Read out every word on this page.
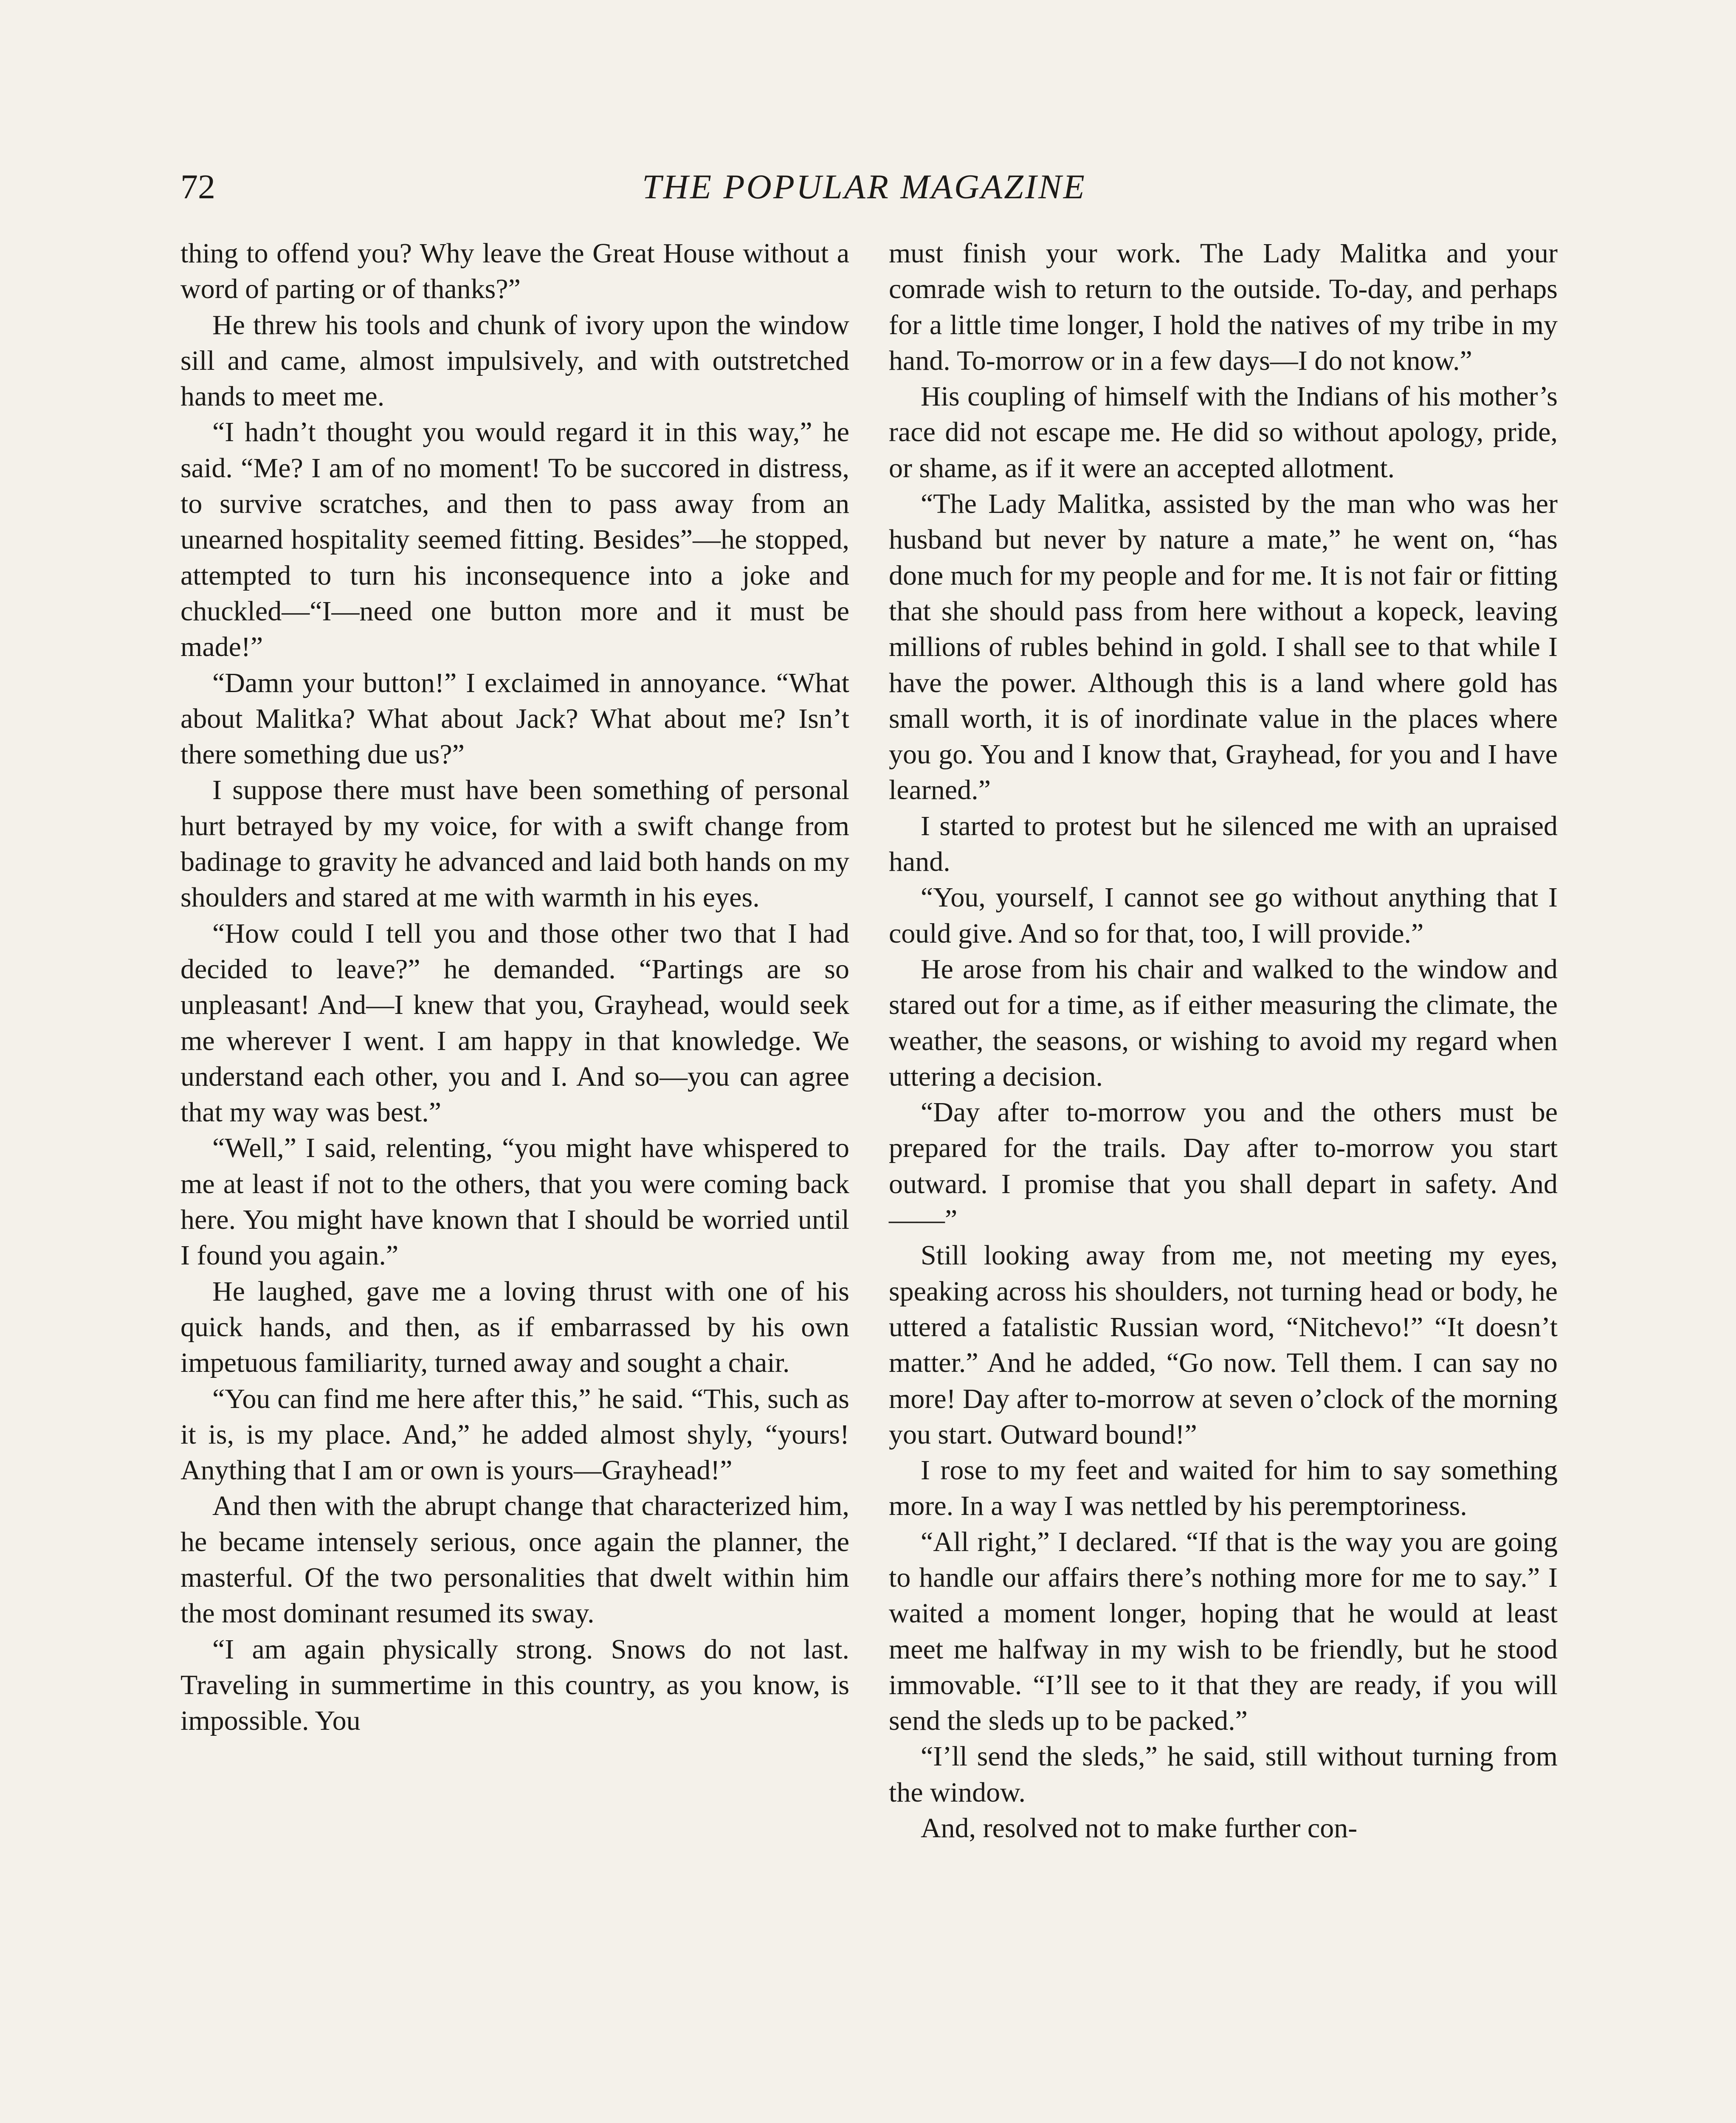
72	THE POPULAR MAGAZINE

thing to offend you? Why leave the Great House without a word of parting or of thanks?”

He threw his tools and chunk of ivory upon the window sill and came, almost impulsively, and with outstretched hands to meet me.

“I hadn’t thought you would regard it in this way,” he said. “Me? I am of no moment! To be succored in distress, to survive scratches, and then to pass away from an unearned hospitality seemed fitting. Besides”—he stopped, attempted to turn his inconsequence into a joke and chuckled—“I—need one button more and it must be made!”

“Damn your button!” I exclaimed in annoyance. “What about Malitka? What about Jack? What about me? Isn’t there something due us?”

I suppose there must have been something of personal hurt betrayed by my voice, for with a swift change from badinage to gravity he advanced and laid both hands on my shoulders and stared at me with warmth in his eyes.

“How could I tell you and those other two that I had decided to leave?” he demanded. “Partings are so unpleasant! And—I knew that you, Grayhead, would seek me wherever I went. I am happy in that knowledge. We understand each other, you and I. And so—you can agree that my way was best.”

“Well,” I said, relenting, “you might have whispered to me at least if not to the others, that you were coming back here. You might have known that I should be worried until I found you again.”

He laughed, gave me a loving thrust with one of his quick hands, and then, as if embarrassed by his own impetuous familiarity, turned away and sought a chair.

“You can find me here after this,” he said. “This, such as it is, is my place. And,” he added almost shyly, “yours! Anything that I am or own is yours—Grayhead!”

And then with the abrupt change that characterized him, he became intensely serious, once again the planner, the masterful. Of the two personalities that dwelt within him the most dominant resumed its sway.

“I am again physically strong. Snows do not last. Traveling in summertime in this country, as you know, is impossible. You

must finish your work. The Lady Malitka and your comrade wish to return to the outside. To-day, and perhaps for a little time longer, I hold the natives of my tribe in my hand. To-morrow or in a few days—I do not know.”

His coupling of himself with the Indians of his mother’s race did not escape me. He did so without apology, pride, or shame, as if it were an accepted allotment.

“The Lady Malitka, assisted by the man who was her husband but never by nature a mate,” he went on, “has done much for my people and for me. It is not fair or fitting that she should pass from here without a kopeck, leaving millions of rubles behind in gold. I shall see to that while I have the power. Although this is a land where gold has small worth, it is of inordinate value in the places where you go. You and I know that, Grayhead, for you and I have learned.”

I started to protest but he silenced me with an upraised hand.

“You, yourself, I cannot see go without anything that I could give. And so for that, too, I will provide.”

He arose from his chair and walked to the window and stared out for a time, as if either measuring the climate, the weather, the seasons, or wishing to avoid my regard when uttering a decision.

“Day after to-morrow you and the others must be prepared for the trails. Day after to-morrow you start outward. I promise that you shall depart in safety. And——”

Still looking away from me, not meeting my eyes, speaking across his shoulders, not turning head or body, he uttered a fatalistic Russian word, “Nitchevo!” “It doesn’t matter.” And he added, “Go now. Tell them. I can say no more! Day after to-morrow at seven o’clock of the morning you start. Outward bound!”

I rose to my feet and waited for him to say something more. In a way I was nettled by his peremptoriness.

“All right,” I declared. “If that is the way you are going to handle our affairs there’s nothing more for me to say.” I waited a moment longer, hoping that he would at least meet me halfway in my wish to be friendly, but he stood immovable. “I’ll see to it that they are ready, if you will send the sleds up to be packed.”

“I’ll send the sleds,” he said, still without turning from the window.

And, resolved not to make further con-
